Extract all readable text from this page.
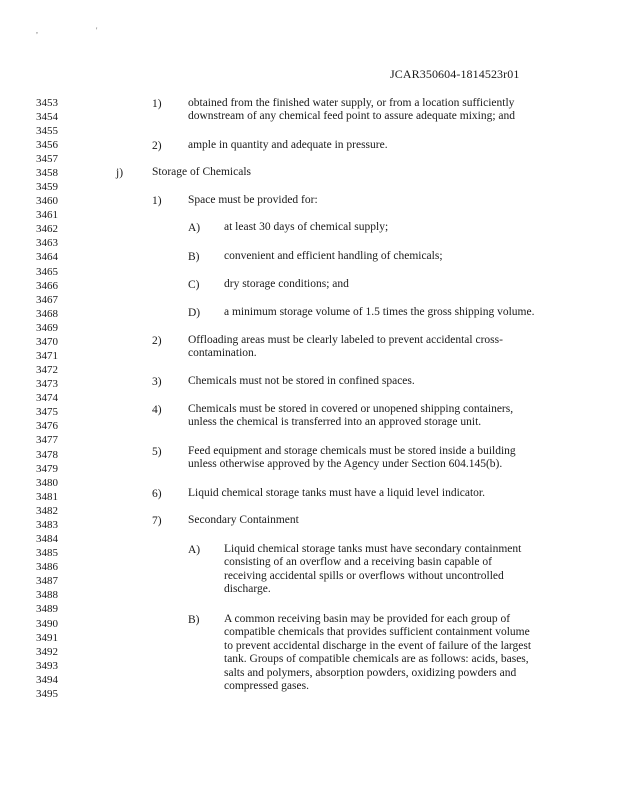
, '
JCAR350604-1814523r01
3453
3454
3455
3456
3457
3458
3459
3460
3461
3462
3463
3464
3465
3466
3467
3468
3469
3470
3471
3472
3473
3474
3475
3476
3477
3478
3479
3480
3481
3482
3483
3484
3485
3486
3487
3488
3489
3490
3491
3492
3493
3494
3495
1) obtained from the finished water supply, or from a location sufficiently
downstream of any chemical feed point to assure adequate mixing; and
2) ample in quantity and adequate in pressure.
j)	Storage of Chemicals
1) Space must be provided for:
A) at least 30 days of chemical supply;
B) convenient and efficient handling of chemicals;
C) dry storage conditions; and
D) a minimum storage volume of 1.5 times the gross shipping volume.
2) Offloading areas must be clearly labeled to prevent accidental cross-
contamination.
3) Chemicals must not be stored in confined spaces.
4) Chemicals must be stored in covered or unopened shipping containers,
unless the chemical is transferred into an approved storage unit.
5) Feed equipment and storage chemicals must be stored inside a building
unless otherwise approved by the Agency under Section 604.145(b).
6) Liquid chemical storage tanks must have a liquid level indicator.
7) Secondary Containment
A) Liquid chemical storage tanks must have secondary containment
consisting of an overflow and a receiving basin capable of
receiving accidental spills or overflows without uncontrolled
discharge.
B) A common receiving basin may be provided for each group of
compatible chemicals that provides sufficient containment volume
to prevent accidental discharge in the event of failure of the largest
tank. Groups of compatible chemicals are as follows: acids, bases,
salts and polymers, absorption powders, oxidizing powders and
compressed gases.
